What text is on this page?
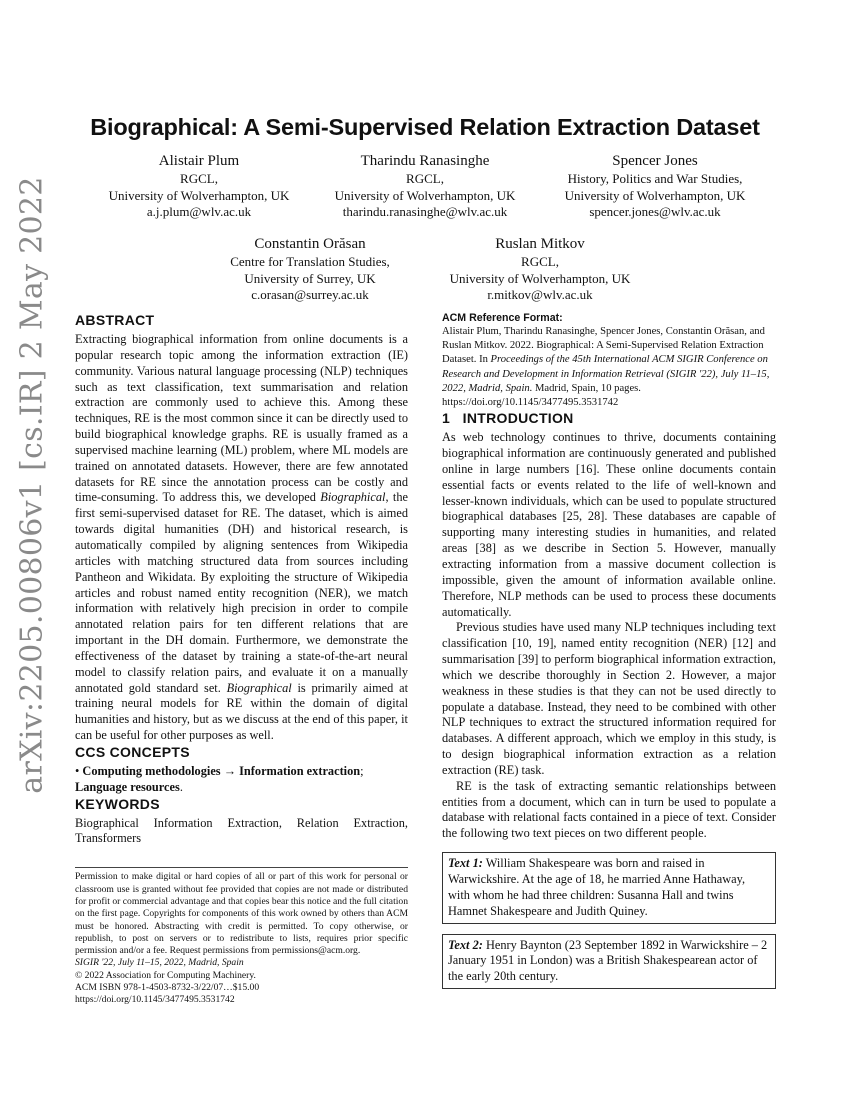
arXiv:2205.00806v1 [cs.IR] 2 May 2022
Biographical: A Semi-Supervised Relation Extraction Dataset
Alistair Plum
RGCL,
University of Wolverhampton, UK
a.j.plum@wlv.ac.uk
Tharindu Ranasinghe
RGCL,
University of Wolverhampton, UK
tharindu.ranasinghe@wlv.ac.uk
Spencer Jones
History, Politics and War Studies,
University of Wolverhampton, UK
spencer.jones@wlv.ac.uk
Constantin Orăsan
Centre for Translation Studies,
University of Surrey, UK
c.orasan@surrey.ac.uk
Ruslan Mitkov
RGCL,
University of Wolverhampton, UK
r.mitkov@wlv.ac.uk
ABSTRACT

Extracting biographical information from online documents is a popular research topic among the information extraction (IE) community. Various natural language processing (NLP) techniques such as text classification, text summarisation and relation extraction are commonly used to achieve this. Among these techniques, RE is the most common since it can be directly used to build biographical knowledge graphs. RE is usually framed as a supervised machine learning (ML) problem, where ML models are trained on annotated datasets. However, there are few annotated datasets for RE since the annotation process can be costly and time-consuming. To address this, we developed Biographical, the first semi-supervised dataset for RE. The dataset, which is aimed towards digital humanities (DH) and historical research, is automatically compiled by aligning sentences from Wikipedia articles with matching structured data from sources including Pantheon and Wikidata. By exploiting the structure of Wikipedia articles and robust named entity recognition (NER), we match information with relatively high precision in order to compile annotated relation pairs for ten different relations that are important in the DH domain. Furthermore, we demonstrate the effectiveness of the dataset by training a state-of-the-art neural model to classify relation pairs, and evaluate it on a manually annotated gold standard set. Biographical is primarily aimed at training neural models for RE within the domain of digital humanities and history, but as we discuss at the end of this paper, it can be useful for other purposes as well.

CCS CONCEPTS

• Computing methodologies → Information extraction; Language resources.

KEYWORDS

Biographical Information Extraction, Relation Extraction, Transformers

Permission to make digital or hard copies of all or part of this work for personal or classroom use is granted without fee provided that copies are not made or distributed for profit or commercial advantage and that copies bear this notice and the full citation on the first page. Copyrights for components of this work owned by others than ACM must be honored. Abstracting with credit is permitted. To copy otherwise, or republish, to post on servers or to redistribute to lists, requires prior specific permission and/or a fee. Request permissions from permissions@acm.org.

SIGIR '22, July 11–15, 2022, Madrid, Spain
© 2022 Association for Computing Machinery.
ACM ISBN 978-1-4503-8732-3/22/07…$15.00
https://doi.org/10.1145/3477495.3531742
ACM Reference Format:

Alistair Plum, Tharindu Ranasinghe, Spencer Jones, Constantin Orăsan, and Ruslan Mitkov. 2022. Biographical: A Semi-Supervised Relation Extraction Dataset. In Proceedings of the 45th International ACM SIGIR Conference on Research and Development in Information Retrieval (SIGIR '22), July 11–15, 2022, Madrid, Spain. Madrid, Spain, 10 pages. https://doi.org/10.1145/3477495.3531742

1   INTRODUCTION

As web technology continues to thrive, documents containing biographical information are continuously generated and published online in large numbers [16]. These online documents contain essential facts or events related to the life of well-known and lesser-known individuals, which can be used to populate structured biographical databases [25, 28]. These databases are capable of supporting many interesting studies in humanities, and related areas [38] as we describe in Section 5. However, manually extracting information from a massive document collection is impossible, given the amount of information available online. Therefore, NLP methods can be used to process these documents automatically.

Previous studies have used many NLP techniques including text classification [10, 19], named entity recognition (NER) [12] and summarisation [39] to perform biographical information extraction, which we describe thoroughly in Section 2. However, a major weakness in these studies is that they can not be used directly to populate a database. Instead, they need to be combined with other NLP techniques to extract the structured information required for databases. A different approach, which we employ in this study, is to design biographical information extraction as a relation extraction (RE) task.

RE is the task of extracting semantic relationships between entities from a document, which can in turn be used to populate a database with relational facts contained in a piece of text. Consider the following two text pieces on two different people.

Text 1: William Shakespeare was born and raised in Warwickshire. At the age of 18, he married Anne Hathaway, with whom he had three children: Susanna Hall and twins Hamnet Shakespeare and Judith Quiney.
Text 2: Henry Baynton (23 September 1892 in Warwickshire – 2 January 1951 in London) was a British Shakespearean actor of the early 20th century.
